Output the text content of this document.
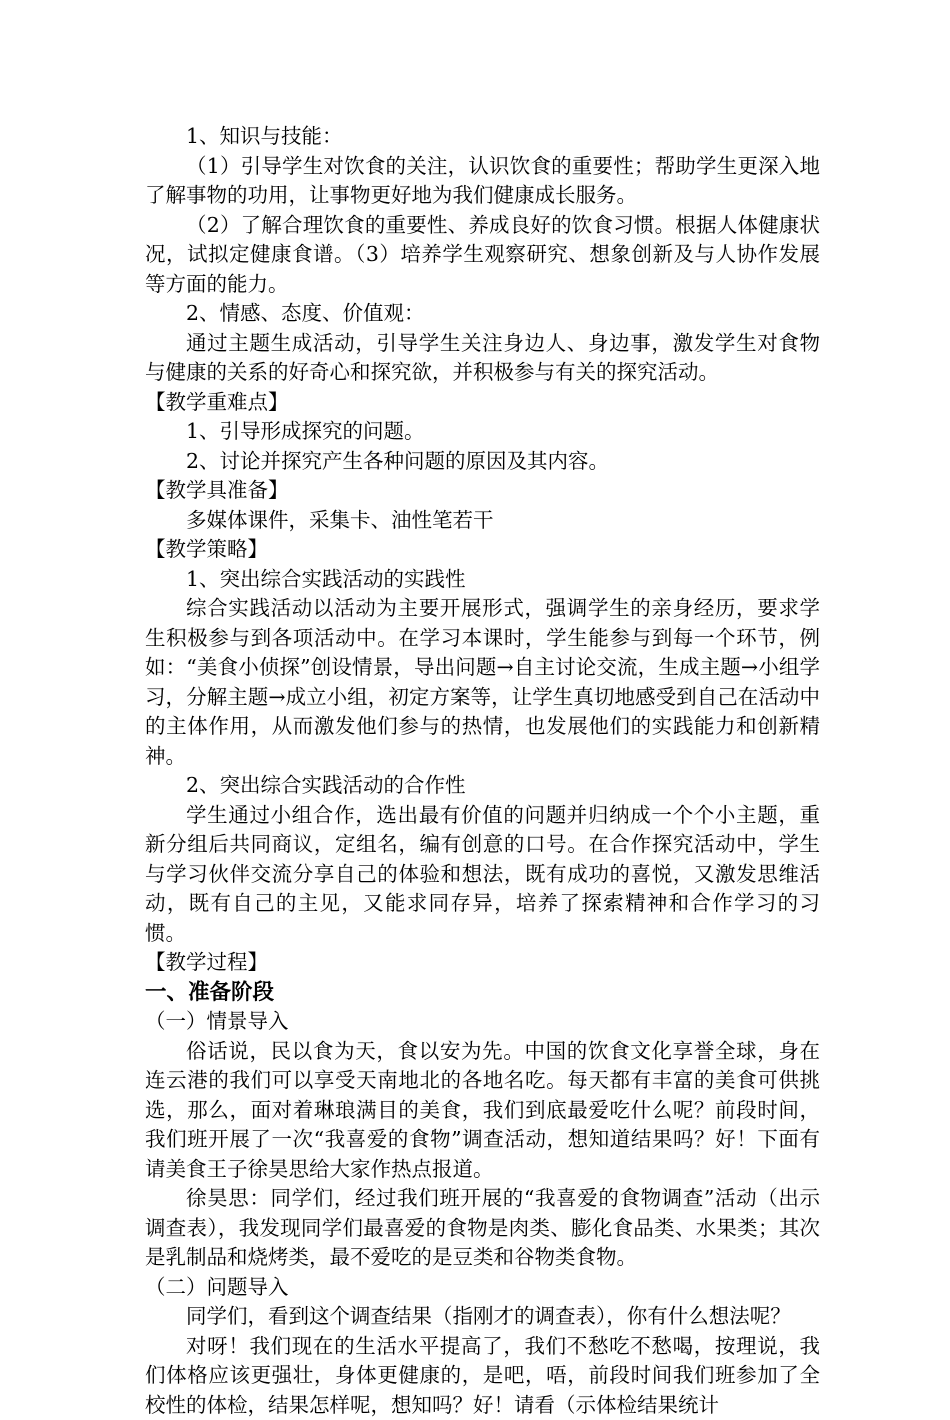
1、知识与技能：

（1）引导学生对饮食的关注，认识饮食的重要性；帮助学生更深入地了解事物的功用，让事物更好地为我们健康成长服务。

（2）了解合理饮食的重要性、养成良好的饮食习惯。根据人体健康状况，试拟定健康食谱。（3）培养学生观察研究、想象创新及与人协作发展等方面的能力。

2、情感、态度、价值观：

通过主题生成活动，引导学生关注身边人、身边事，激发学生对食物与健康的关系的好奇心和探究欲，并积极参与有关的探究活动。

【教学重难点】

1、引导形成探究的问题。

2、讨论并探究产生各种问题的原因及其内容。

【教学具准备】

多媒体课件，采集卡、油性笔若干

【教学策略】

1、突出综合实践活动的实践性

综合实践活动以活动为主要开展形式，强调学生的亲身经历，要求学生积极参与到各项活动中。在学习本课时，学生能参与到每一个环节，例如：“美食小侦探”创设情景，导出问题→自主讨论交流，生成主题→小组学习，分解主题→成立小组，初定方案等，让学生真切地感受到自己在活动中的主体作用，从而激发他们参与的热情，也发展他们的实践能力和创新精神。

2、突出综合实践活动的合作性

学生通过小组合作，选出最有价值的问题并归纳成一个个小主题，重新分组后共同商议，定组名，编有创意的口号。在合作探究活动中，学生与学习伙伴交流分享自己的体验和想法，既有成功的喜悦，又激发思维活动，既有自己的主见，又能求同存异，培养了探索精神和合作学习的习惯。

【教学过程】

一、准备阶段

（一）情景导入

俗话说，民以食为天，食以安为先。中国的饮食文化享誉全球，身在连云港的我们可以享受天南地北的各地名吃。每天都有丰富的美食可供挑选，那么，面对着琳琅满目的美食，我们到底最爱吃什么呢？前段时间，我们班开展了一次“我喜爱的食物”调查活动，想知道结果吗？好！下面有请美食王子徐昊思给大家作热点报道。

徐昊思：同学们，经过我们班开展的“我喜爱的食物调查”活动（出示调查表），我发现同学们最喜爱的食物是肉类、膨化食品类、水果类；其次是乳制品和烧烤类，最不爱吃的是豆类和谷物类食物。

（二）问题导入

同学们，看到这个调查结果（指刚才的调查表），你有什么想法呢？

对呀！我们现在的生活水平提高了，我们不愁吃不愁喝，按理说，我们体格应该更强壮，身体更健康的，是吧，唔，前段时间我们班参加了全校性的体检，结果怎样呢，想知吗？好！请看（示体检结果统计
